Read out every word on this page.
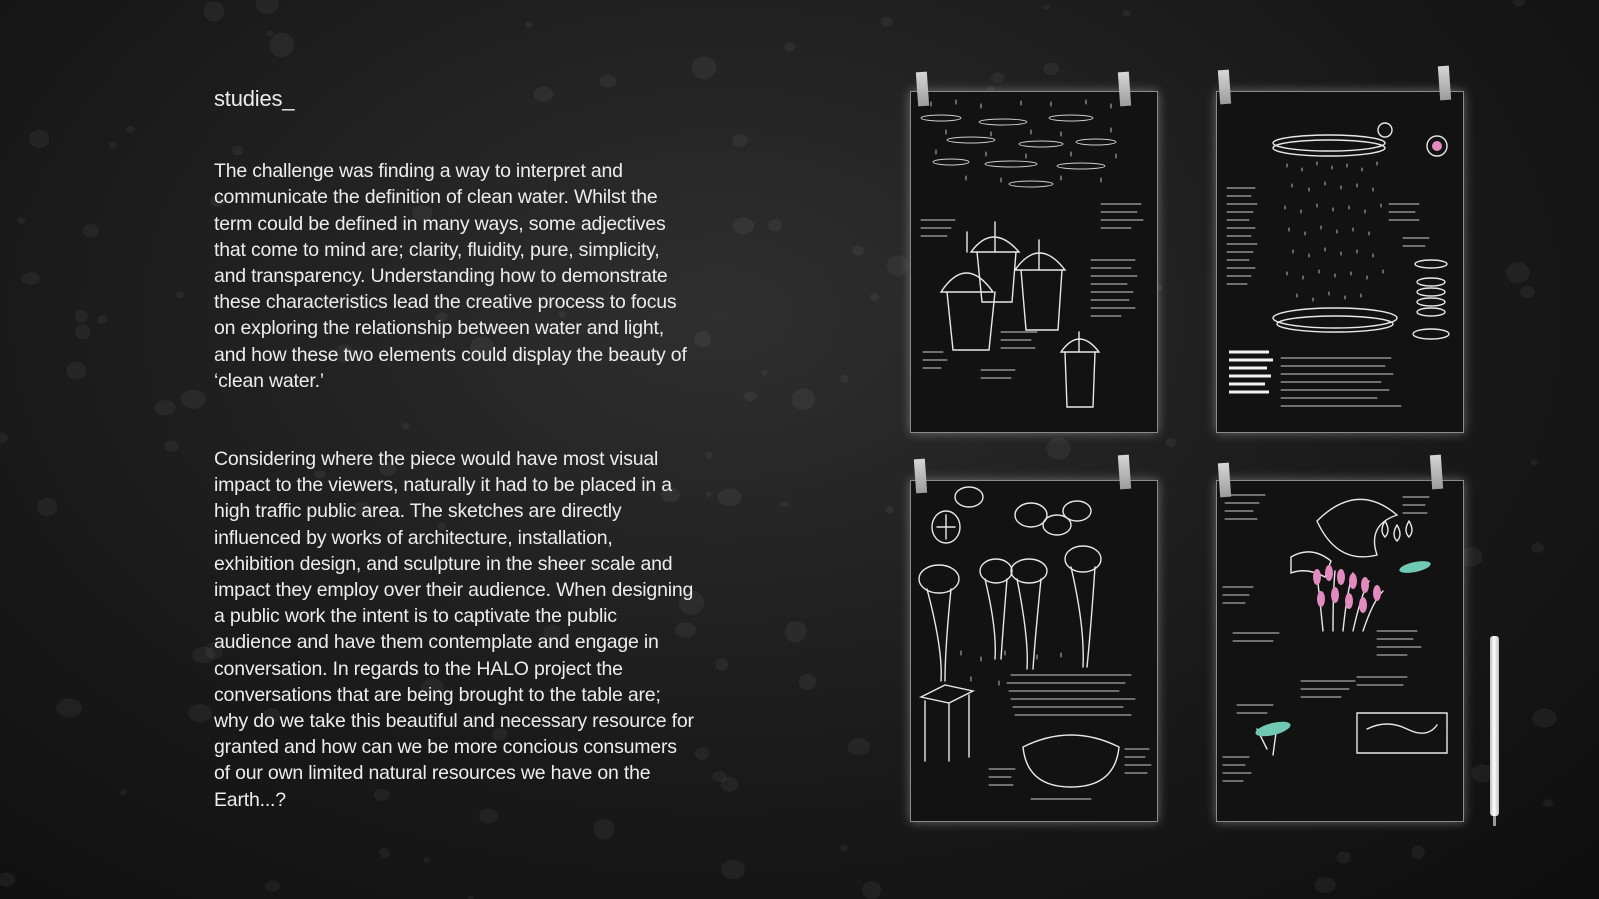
studies_

The challenge was finding a way to interpret and communicate the definition of clean water. Whilst the term could be defined in many ways, some adjectives that come to mind are; clarity, fluidity, pure, simplicity, and transparency. Understanding how to demonstrate these characteristics lead the creative process to focus on exploring the relationship between water and light, and how these two elements could display the beauty of ‘clean water.’

Considering where the piece would have most visual impact to the viewers, naturally it had to be placed in a high traffic public area. The sketches are directly influenced by works of architecture, installation, exhibition design, and sculpture in the sheer scale and impact they employ over their audience. When designing a public work the intent is to captivate the public audience and have them contemplate and engage in conversation. In regards to the HALO project the conversations that are being brought to the table are; why do we take this beautiful and necessary resource for granted and how can we be more concious consumers of our own limited natural resources we have on the Earth...?
